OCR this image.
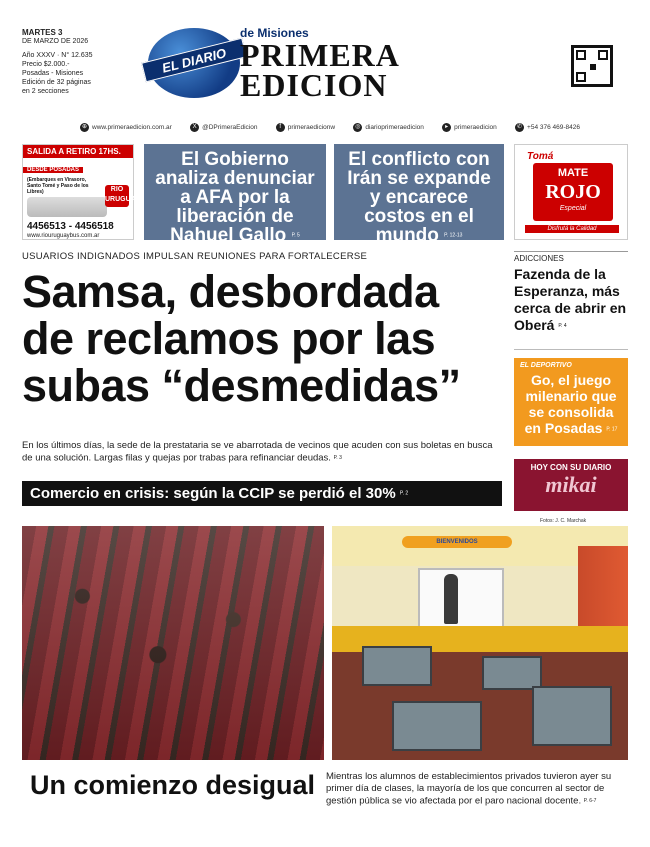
MARTES 3
DE MARZO DE 2026
Año XXXV · N° 12.635
Precio $2.000.-
Posadas - Misiones
Edición de 32 páginas
en 2 secciones
EL DIARIO
de Misiones
PRIMERA
EDICION
⊕ www.primeraedicion.com.ar	X @DPrimeraEdicion	f	primeraedicionw	◎ diarioprimeraedicion	▸ primeraedicion	✆ +54 376 469-8426
SALIDA A RETIRO 17HS.
DESDE POSADAS
(Embarques en Virasoro, Santo Tomé y Paso de los Libres)	RIO URUGUAY
4456513 - 4456518
www.riouruguaybus.com.ar
El Gobierno analiza denunciar a AFA por la liberación de Nahuel Gallo P. 5
El conflicto con Irán se expande y encarece costos en el mundo P. 12-13
Tomá
MATE
ROJO
Especial
Disfrutá la Calidad
USUARIOS INDIGNADOS IMPULSAN REUNIONES PARA FORTALECERSE
Samsa, desbordada de reclamos por las subas “desmedidas”
En los últimos días, la sede de la prestataria se ve abarrotada de vecinos que acuden con sus boletas en busca de una solución. Largas filas y quejas por trabas para refinanciar deudas. P. 3
Comercio en crisis: según la CCIP se perdió el 30% P. 2
ADICCIONES
Fazenda de la Esperanza, más cerca de abrir en Oberá P. 4
EL DEPORTIVO
Go, el juego milenario que se consolida en Posadas P. 17
HOY CON SU DIARIO
mikai
Fotos: J. C. Marchak
BIENVENIDOS
Un comienzo desigual Mientras los alumnos de establecimientos privados tuvieron ayer su primer día de clases, la mayoría de los que concurren al sector de gestión pública se vio afectada por el paro nacional docente. P. 6-7
